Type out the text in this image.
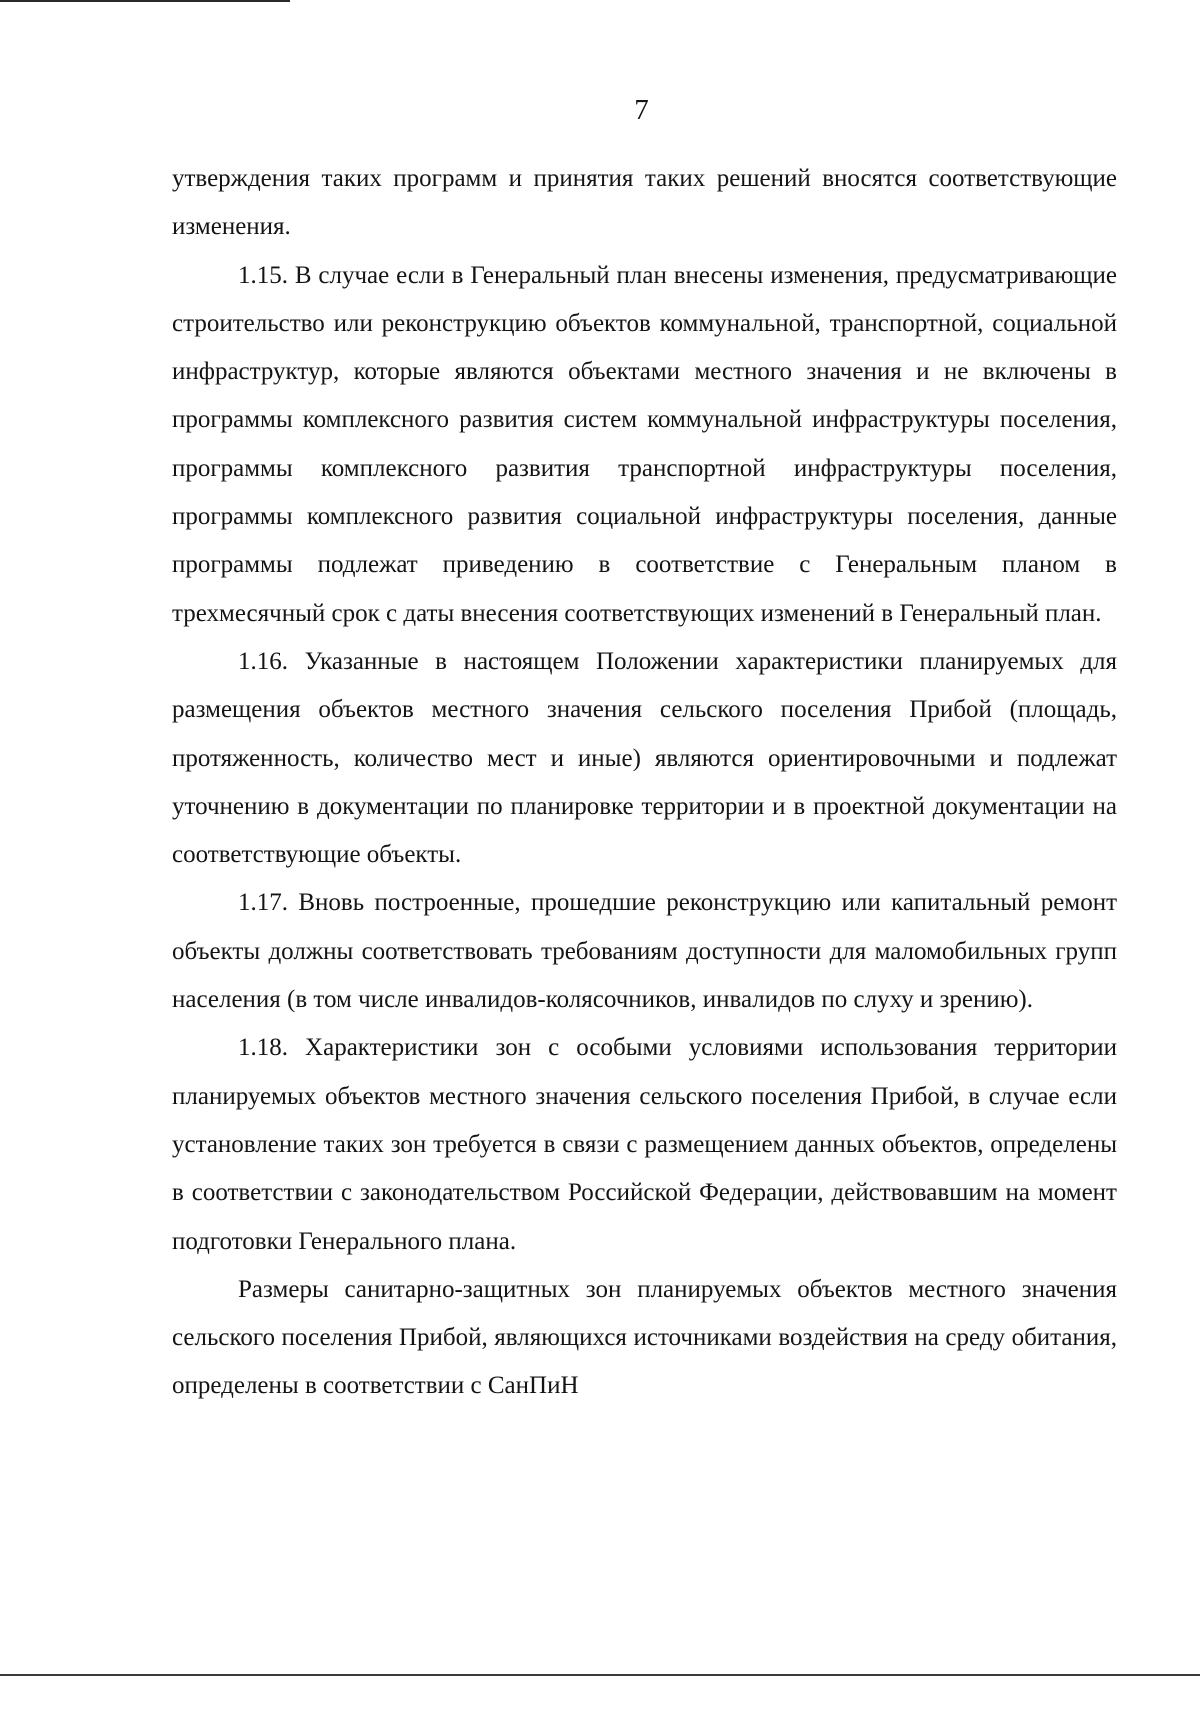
7

утверждения таких программ и принятия таких решений вносятся соответствующие изменения.

1.15. В случае если в Генеральный план внесены изменения, предусматривающие строительство или реконструкцию объектов коммунальной, транспортной, социальной инфраструктур, которые являются объектами местного значения и не включены в программы комплексного развития систем коммунальной инфраструктуры поселения, программы комплексного развития транспортной инфраструктуры поселения, программы комплексного развития социальной инфраструктуры поселения, данные программы подлежат приведению в соответствие с Генеральным планом в трехмесячный срок с даты внесения соответствующих изменений в Генеральный план.

1.16. Указанные в настоящем Положении характеристики планируемых для размещения объектов местного значения сельского поселения Прибой (площадь, протяженность, количество мест и иные) являются ориентировочными и подлежат уточнению в документации по планировке территории и в проектной документации на соответствующие объекты.

1.17. Вновь построенные, прошедшие реконструкцию или капитальный ремонт объекты должны соответствовать требованиям доступности для маломобильных групп населения (в том числе инвалидов-колясочников, инвалидов по слуху и зрению).

1.18. Характеристики зон с особыми условиями использования территории планируемых объектов местного значения сельского поселения Прибой, в случае если установление таких зон требуется в связи с размещением данных объектов, определены в соответствии с законодательством Российской Федерации, действовавшим на момент подготовки Генерального плана.

Размеры санитарно-защитных зон планируемых объектов местного значения сельского поселения Прибой, являющихся источниками воздействия на среду обитания, определены в соответствии с СанПиН
